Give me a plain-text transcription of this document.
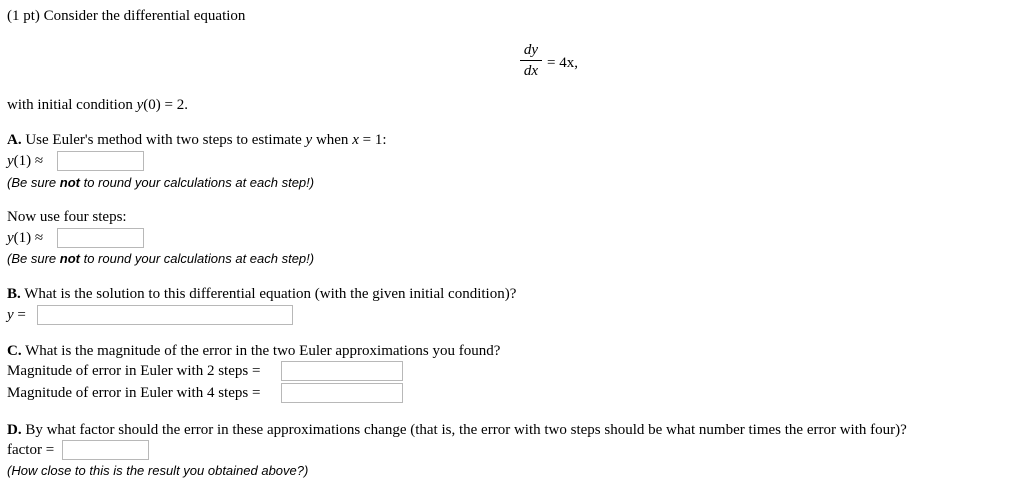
(1 pt) Consider the differential equation
dy
dx = 4x,
with initial condition y(0) = 2.
A. Use Euler's method with two steps to estimate y when x = 1:
y(1) ≈
(Be sure not to round your calculations at each step!)
Now use four steps:
y(1) ≈
(Be sure not to round your calculations at each step!)
B. What is the solution to this differential equation (with the given initial condition)?
y =
C. What is the magnitude of the error in the two Euler approximations you found?
Magnitude of error in Euler with 2 steps =
Magnitude of error in Euler with 4 steps =
D. By what factor should the error in these approximations change (that is, the error with two steps should be what number times the error with four)?
factor =
(How close to this is the result you obtained above?)
